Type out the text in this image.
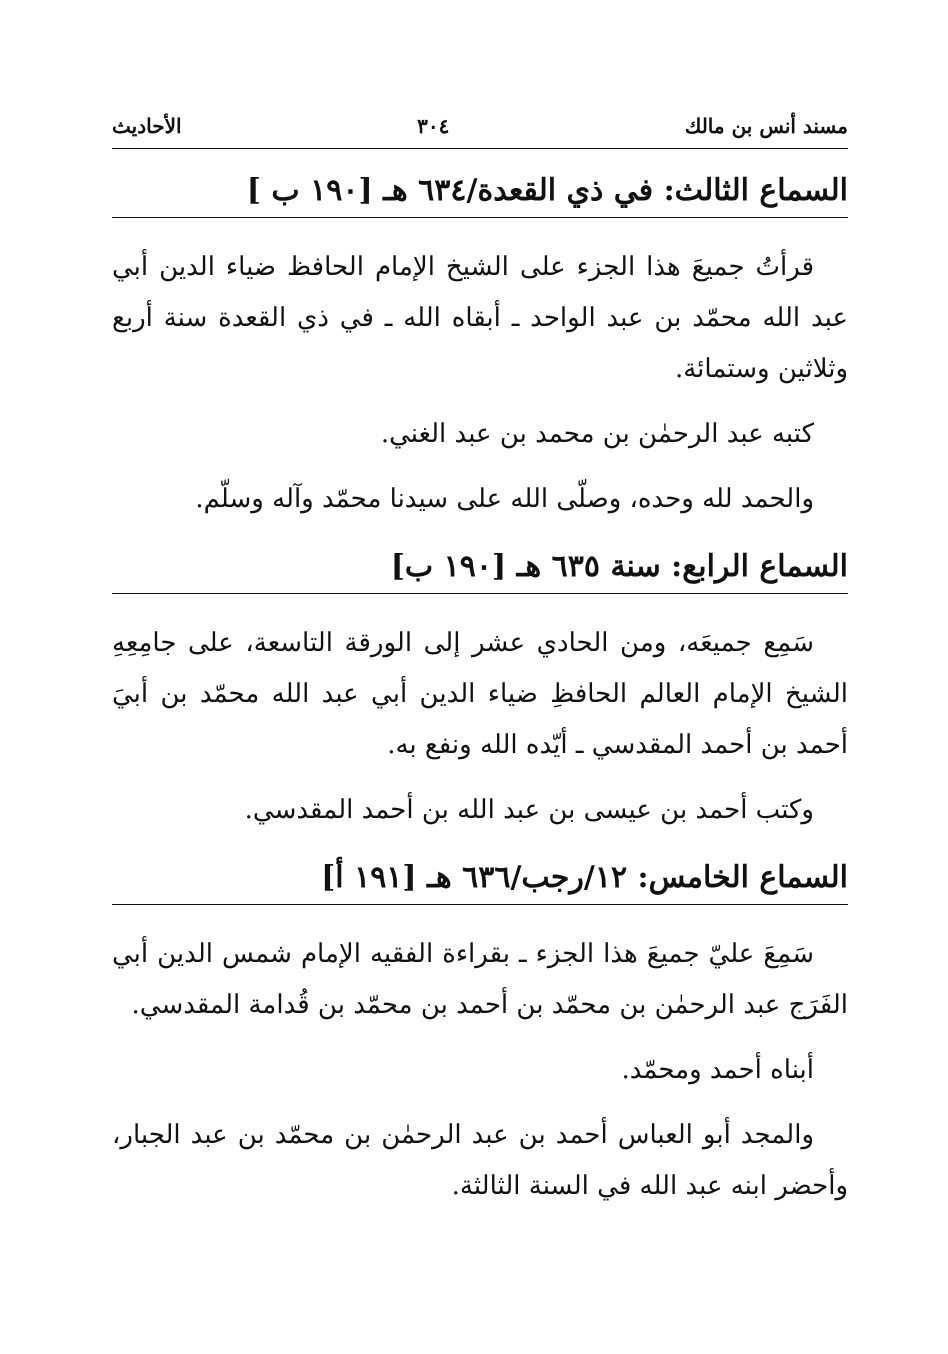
مسند أنس بن مالك
٣٠٤
الأحاديث
السماع الثالث: في ذي القعدة/٦٣٤ هـ [١٩٠ ب ]

قرأتُ جميعَ هذا الجزء على الشيخ الإمام الحافظ ضياء الدين أبي عبد الله محمّد بن عبد الواحد ـ أبقاه الله ـ في ذي القعدة سنة أربع وثلاثين وستمائة.

كتبه عبد الرحمٰن بن محمد بن عبد الغني.

والحمد لله وحده، وصلّى الله على سيدنا محمّد وآله وسلّم.

السماع الرابع: سنة ٦٣٥ هـ [١٩٠ ب]

سَمِع جميعَه، ومن الحادي عشر إلى الورقة التاسعة، على جامِعِهِ الشيخ الإمام العالم الحافظِ ضياء الدين أبي عبد الله محمّد بن أبيَ أحمد بن أحمد المقدسي ـ أيّده الله ونفع به.

وكتب أحمد بن عيسى بن عبد الله بن أحمد المقدسي.

السماع الخامس: ١٢/رجب/٦٣٦ هـ [١٩١ أ]

سَمِعَ عليّ جميعَ هذا الجزء ـ بقراءة الفقيه الإمام شمس الدين أبي الفَرَج عبد الرحمٰن بن محمّد بن أحمد بن محمّد بن قُدامة المقدسي.

أبناه أحمد ومحمّد.

والمجد أبو العباس أحمد بن عبد الرحمٰن بن محمّد بن عبد الجبار، وأحضر ابنه عبد الله في السنة الثالثة.
